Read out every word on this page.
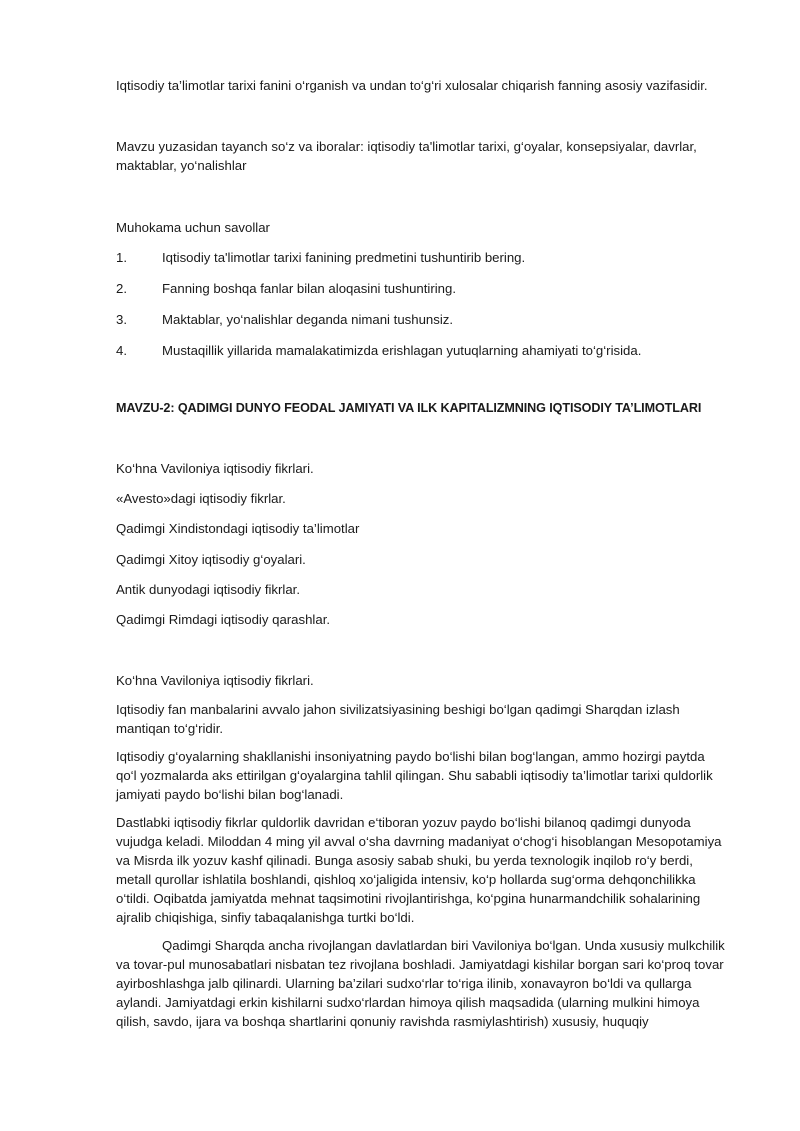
Iqtisodiy ta’limotlar tarixi fanini o‘rganish va undan to‘g‘ri xulosalar chiqarish fanning asosiy vazifasidir.

Mavzu yuzasidan tayanch so‘z va iboralar: iqtisodiy ta'limotlar tarixi, g‘oyalar, konsepsiyalar, davrlar, maktablar, yo‘nalishlar

Muhokama uchun savollar

1.	Iqtisodiy ta'limotlar tarixi fanining predmetini tushuntirib bering.
2.	Fanning boshqa fanlar bilan aloqasini tushuntiring.
3.	Maktablar, yo‘nalishlar deganda nimani tushunsiz.
4.	Mustaqillik yillarida mamalakatimizda erishlagan yutuqlarning ahamiyati to‘g‘risida.

MAVZU-2: QADIMGI DUNYO FEODAL JAMIYATI VA ILK KAPITALIZMNING IQTISODIY TA’LIMOTLARI

Ko‘hna Vaviloniya iqtisodiy fikrlari.
«Avesto»dagi iqtisodiy fikrlar.
Qadimgi Xindistondagi iqtisodiy ta’limotlar
Qadimgi Xitoy iqtisodiy g‘oyalari.
Antik dunyodagi iqtisodiy fikrlar.
Qadimgi Rimdagi iqtisodiy qarashlar.

Ko‘hna Vaviloniya iqtisodiy fikrlari.

Iqtisodiy fan manbalarini avvalo jahon sivilizatsiyasining beshigi bo‘lgan qadimgi Sharqdan izlash mantiqan to‘g‘ridir.

Iqtisodiy g‘oyalarning shakllanishi insoniyatning paydo bo‘lishi bilan bog‘langan, ammo hozirgi paytda qo‘l yozmalarda aks ettirilgan g‘oyalargina tahlil qilingan. Shu sababli iqtisodiy ta’limotlar tarixi quldorlik jamiyati paydo bo‘lishi bilan bog‘lanadi.

Dastlabki iqtisodiy fikrlar quldorlik davridan e‘tiboran yozuv paydo bo‘lishi bilanoq qadimgi dunyoda vujudga keladi. Miloddan 4 ming yil avval o‘sha davrning madaniyat o‘chog‘i hisoblangan Mesopotamiya va Misrda ilk yozuv kashf qilinadi. Bunga asosiy sabab shuki, bu yerda texnologik inqilob ro‘y berdi, metall qurollar ishlatila boshlandi, qishloq xo‘jaligida intensiv, ko‘p hollarda sug‘orma dehqonchilikka o‘tildi. Oqibatda jamiyatda mehnat taqsimotini rivojlantirishga, ko‘pgina hunarmandchilik sohalarining ajralib chiqishiga, sinfiy tabaqalanishga turtki bo‘ldi.

Qadimgi Sharqda ancha rivojlangan davlatlardan biri Vaviloniya bo‘lgan. Unda xususiy mulkchilik va tovar-pul munosabatlari nisbatan tez rivojlana boshladi. Jamiyatdagi kishilar borgan sari ko‘proq tovar ayirboshlashga jalb qilinardi. Ularning ba’zilari sudxo‘rlar to‘riga ilinib, xonavayron bo‘ldi va qullarga aylandi. Jamiyatdagi erkin kishilarni sudxo‘rlardan himoya qilish maqsadida (ularning mulkini himoya qilish, savdo, ijara va boshqa shartlarini qonuniy ravishda rasmiylashtirish) xususiy, huquqiy
